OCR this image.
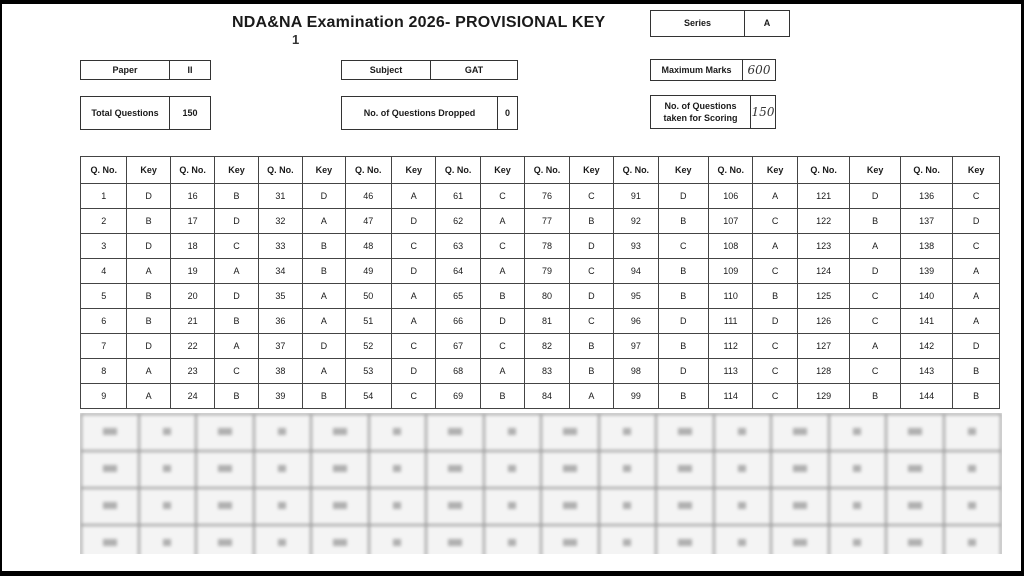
NDA&NA Examination 2026- PROVISIONAL KEY
1
Series	A
Paper	II	Subject	GAT	Maximum Marks	600
Total Questions	150	No. of Questions Dropped	0
No. of Questions taken for Scoring	150
Q. No.	Key	Q. No.	Key	Q. No.	Key	Q. No.	Key	Q. No.	Key	Q. No.	Key	Q. No.	Key	Q. No.	Key	Q. No.	Key	Q. No.	Key
1	D	16	B	31	D	46	A	61	C	76	C	91	D	106	A	121	D	136	C
2	B	17	D	32	A	47	D	62	A	77	B	92	B	107	C	122	B	137	D
3	D	18	C	33	B	48	C	63	C	78	D	93	C	108	A	123	A	138	C
4	A	19	A	34	B	49	D	64	A	79	C	94	B	109	C	124	D	139	A
5	B	20	D	35	A	50	A	65	B	80	D	95	B	110	B	125	C	140	A
6	B	21	B	36	A	51	A	66	D	81	C	96	D	111	D	126	C	141	A
7	D	22	A	37	D	52	C	67	C	82	B	97	B	112	C	127	A	142	D
8	A	23	C	38	A	53	D	68	A	83	B	98	D	113	C	128	C	143	B
9	A	24	B	39	B	54	C	69	B	84	A	99	B	114	C	129	B	144	B
